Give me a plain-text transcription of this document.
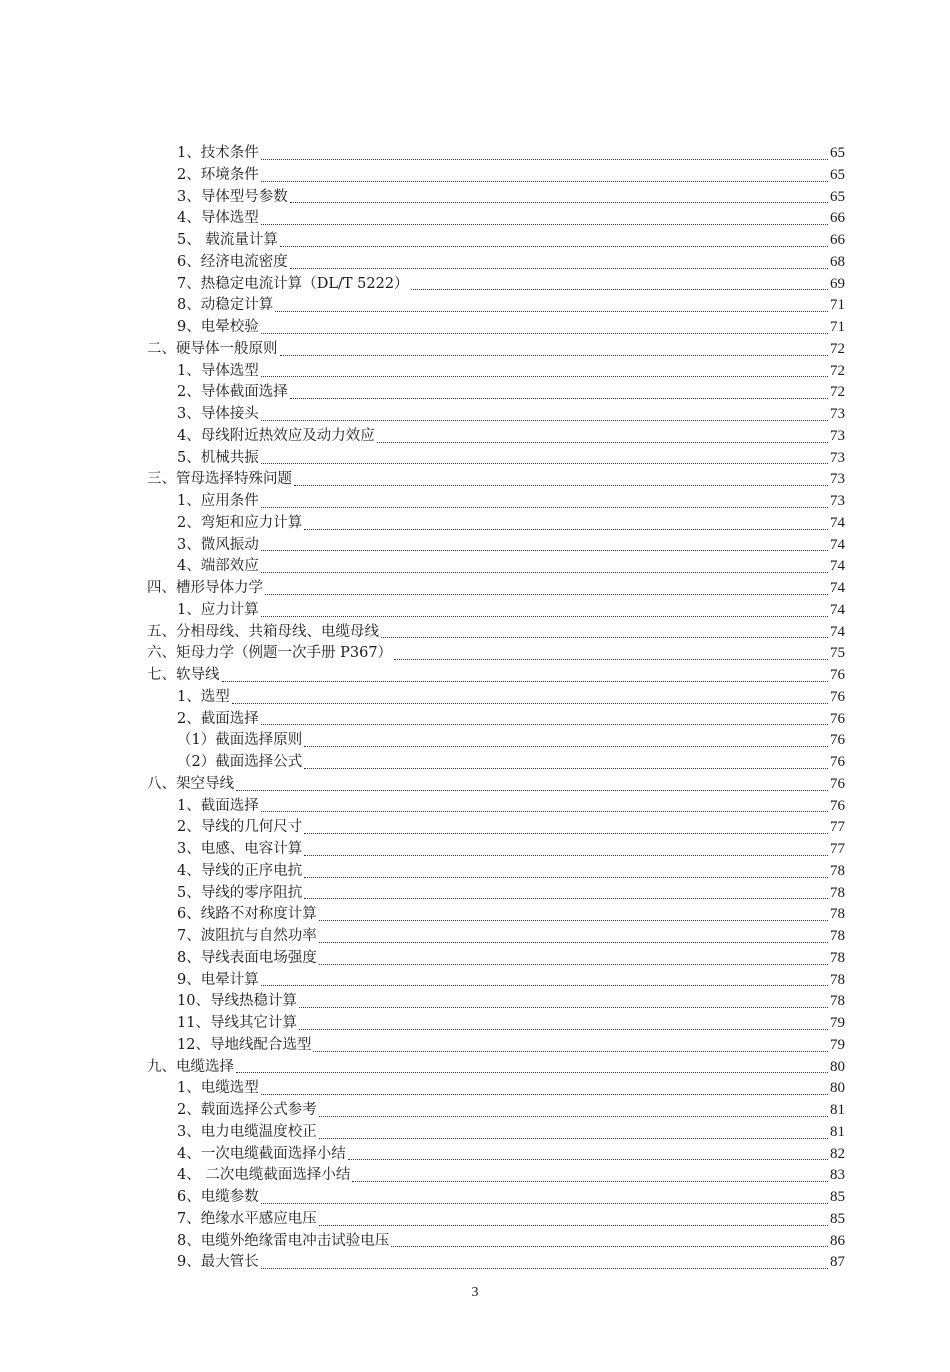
1、技术条件	65
2、环境条件	65
3、导体型号参数	65
4、导体选型	66
5、 载流量计算	66
6、经济电流密度	68
7、热稳定电流计算（DL/T 5222）	69
8、动稳定计算	71
9、电晕校验	71
二、硬导体一般原则	72
1、导体选型	72
2、导体截面选择	72
3、导体接头	73
4、母线附近热效应及动力效应	73
5、机械共振	73
三、管母选择特殊问题	73
1、应用条件	73
2、弯矩和应力计算	74
3、微风振动	74
4、端部效应	74
四、槽形导体力学	74
1、应力计算	74
五、分相母线、共箱母线、电缆母线	74
六、矩母力学（例题一次手册 P367）	75
七、软导线	76
1、选型	76
2、截面选择	76
（1）截面选择原则	76
（2）截面选择公式	76
八、架空导线	76
1、截面选择	76
2、导线的几何尺寸	77
3、电感、电容计算	77
4、导线的正序电抗	78
5、导线的零序阻抗	78
6、线路不对称度计算	78
7、波阻抗与自然功率	78
8、导线表面电场强度	78
9、电晕计算	78
10、导线热稳计算	78
11、导线其它计算	79
12、导地线配合选型	79
九、电缆选择	80
1、电缆选型	80
2、载面选择公式参考	81
3、电力电缆温度校正	81
4、一次电缆截面选择小结	82
4、 二次电缆截面选择小结	83
6、电缆参数	85
7、绝缘水平感应电压	85
8、电缆外绝缘雷电冲击试验电压	86
9、最大管长	87
3
